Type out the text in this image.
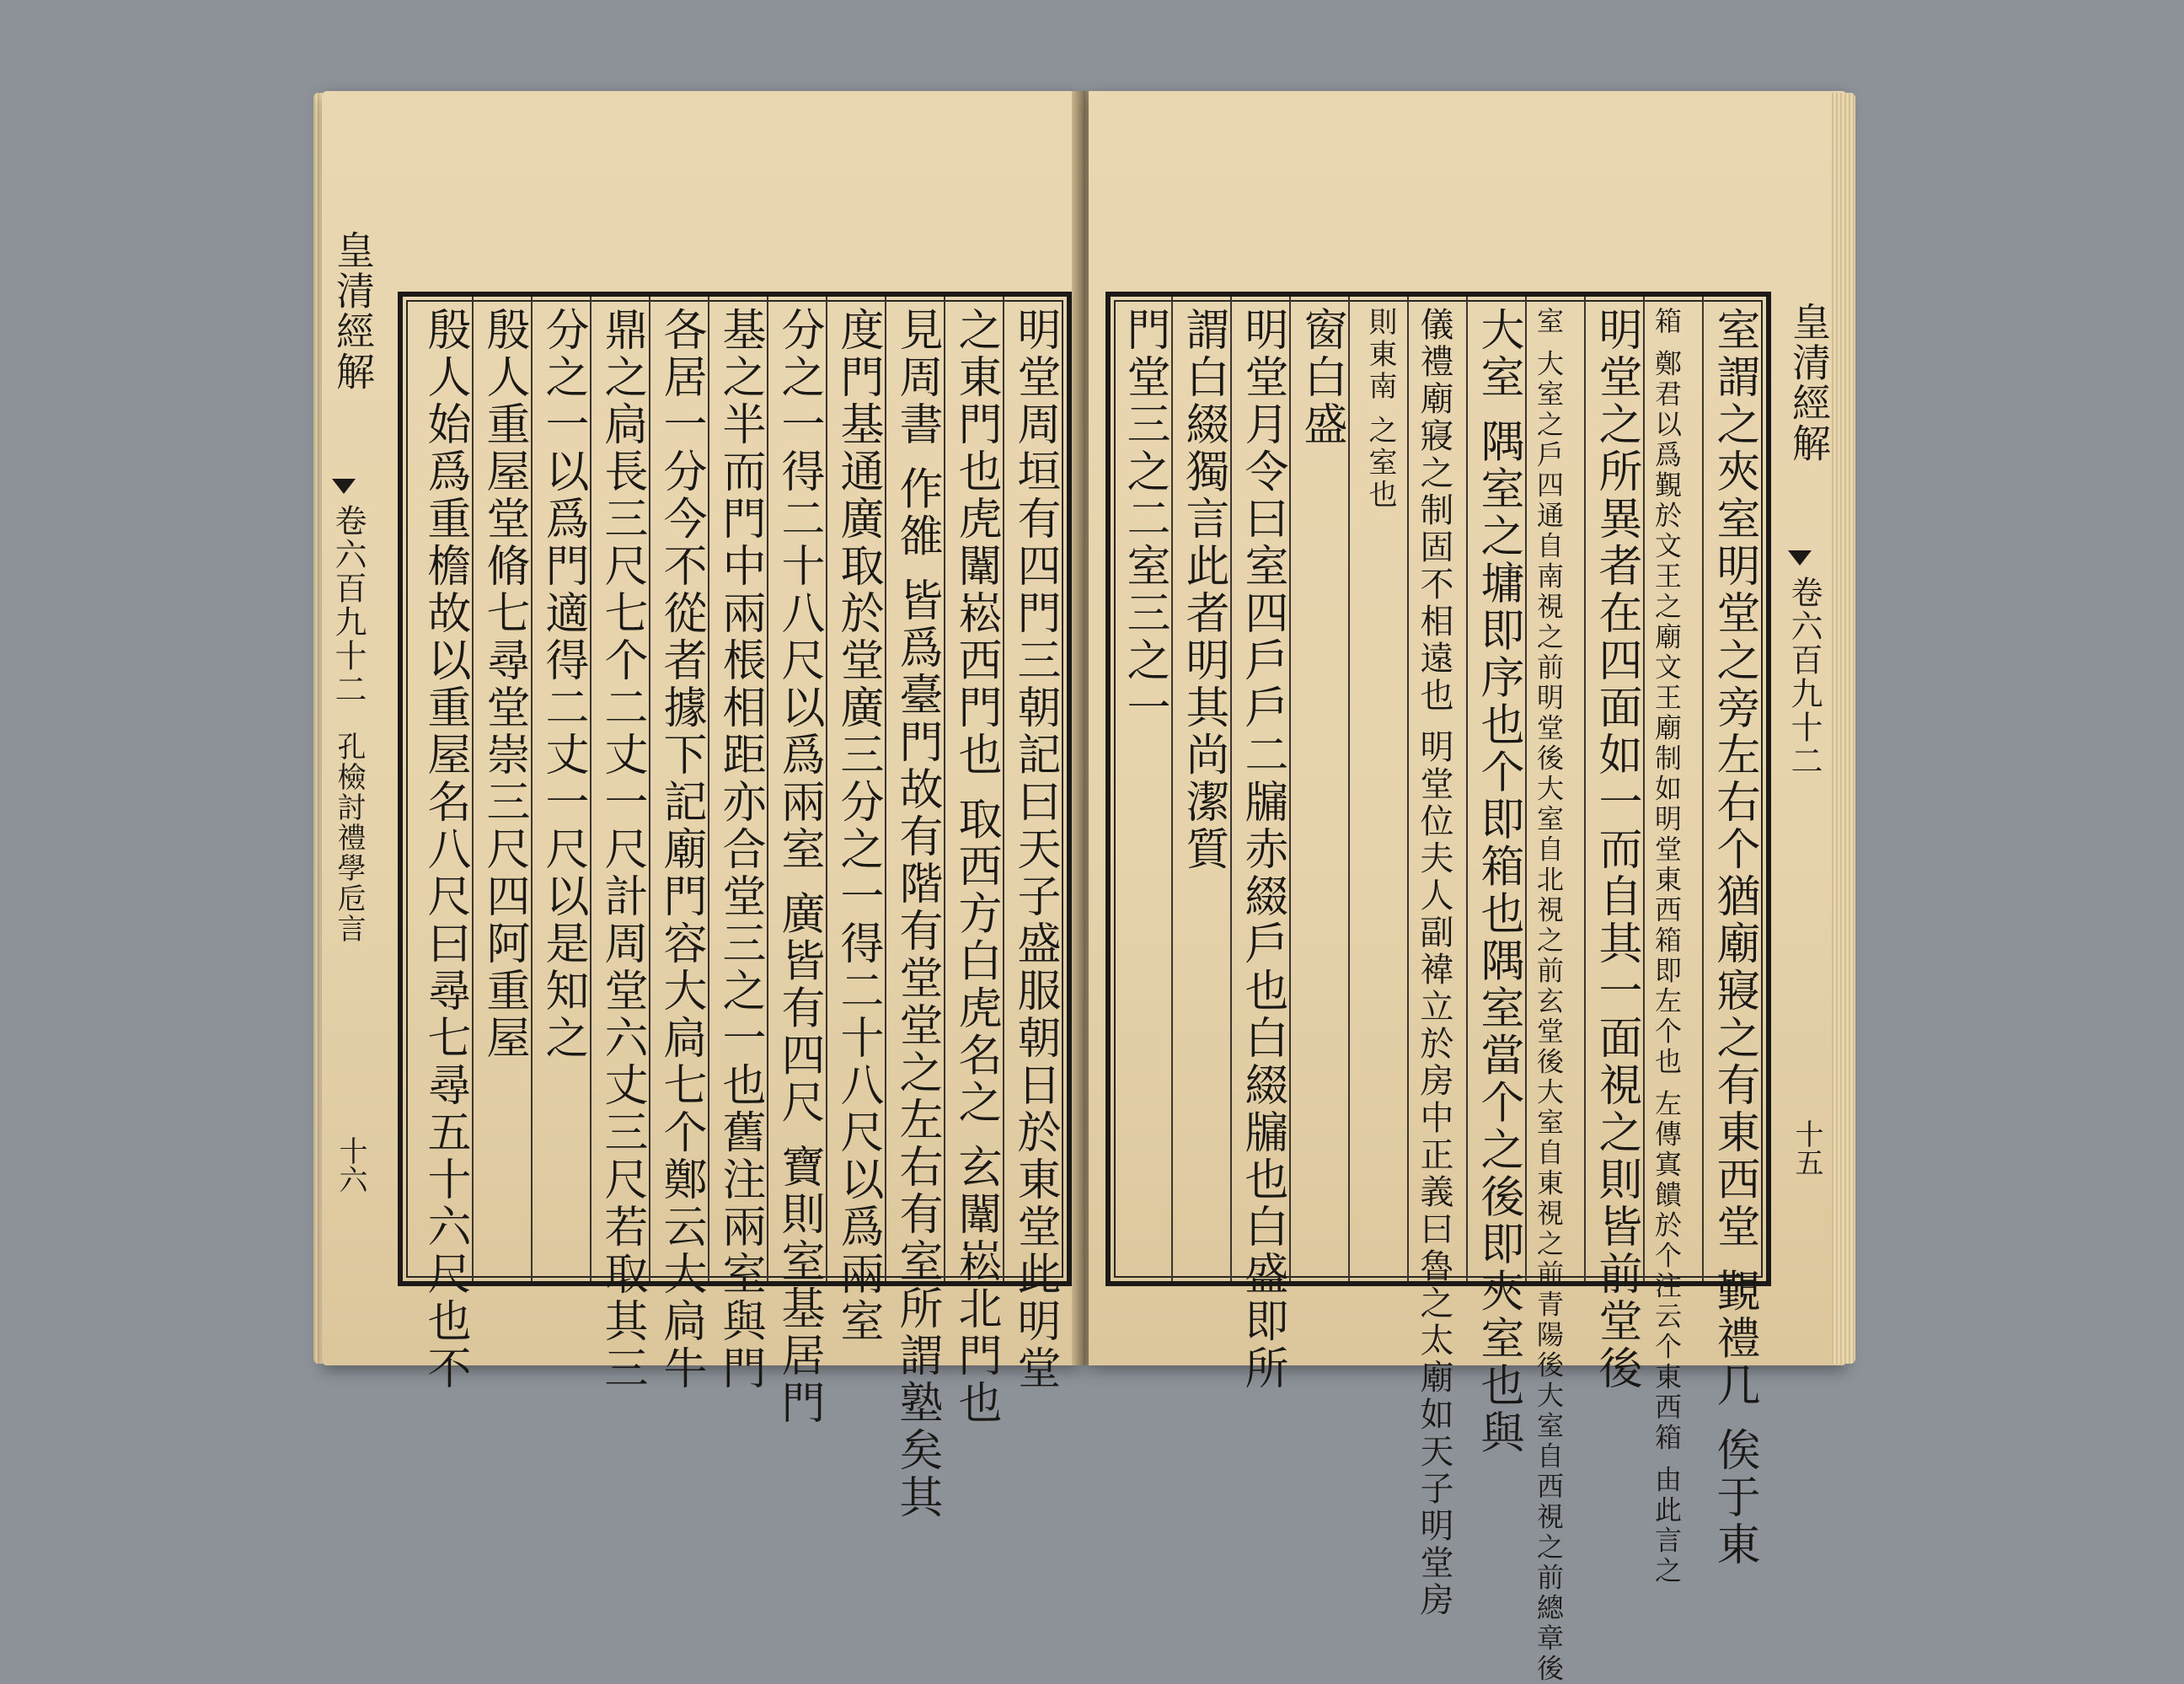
皇清經解
卷六百九十二
孔檢討禮學卮言
十六	明堂周垣有四門三朝記曰天子盛服朝日於東堂此明堂
之東門也虎闈崧西門也 取西方白虎名之 玄闈崧北門也
見周書 作雒 皆爲臺門故有階有堂堂之左右有室所謂塾矣其
度門基通廣取於堂廣三分之一得二十八尺以爲兩室
分之一得二十八尺以爲兩室 廣皆有四尺 寶則室基居門
基之半而門中兩棖相距亦合堂三之一也舊注兩室與門
各居一分今不從者據下記廟門容大扃七个鄭云大扃牛
鼎之扃長三尺七个二丈一尺計周堂六丈三尺若取其三
分之一以爲門適得二丈一尺以是知之
殷人重屋堂脩七尋堂崇三尺四阿重屋
殷人始爲重檐故以重屋名八尺曰尋七尋五十六尺也不	室謂之夾室明堂之旁左右个猶廟寢之有東西堂 覲禮几 俟于東
箱 鄭君以爲覲於文王之廟文王廟制如明堂東西箱即左个也 左傳寘饋於个注云个東西箱 由此言之
明堂之所異者在四面如一而自其一面視之則皆前堂後
室 大室之戶四通自南視之前明堂後大室自北視之前玄堂後大室自東視之前青陽後大室自西視之前總章後
大室 隅室之墉即序也个即箱也隅室當个之後即夾室也與
儀禮廟寢之制固不相遠也 明堂位夫人副褘立於房中正義曰魯之太廟如天子明堂房
則東南 之室也
窗白盛
明堂月令曰室四戶戶二牖赤綴戶也白綴牖也白盛即所
謂白綴獨言此者明其尚潔質
門堂三之二室三之一	皇清經解
卷六百九十二
十五
